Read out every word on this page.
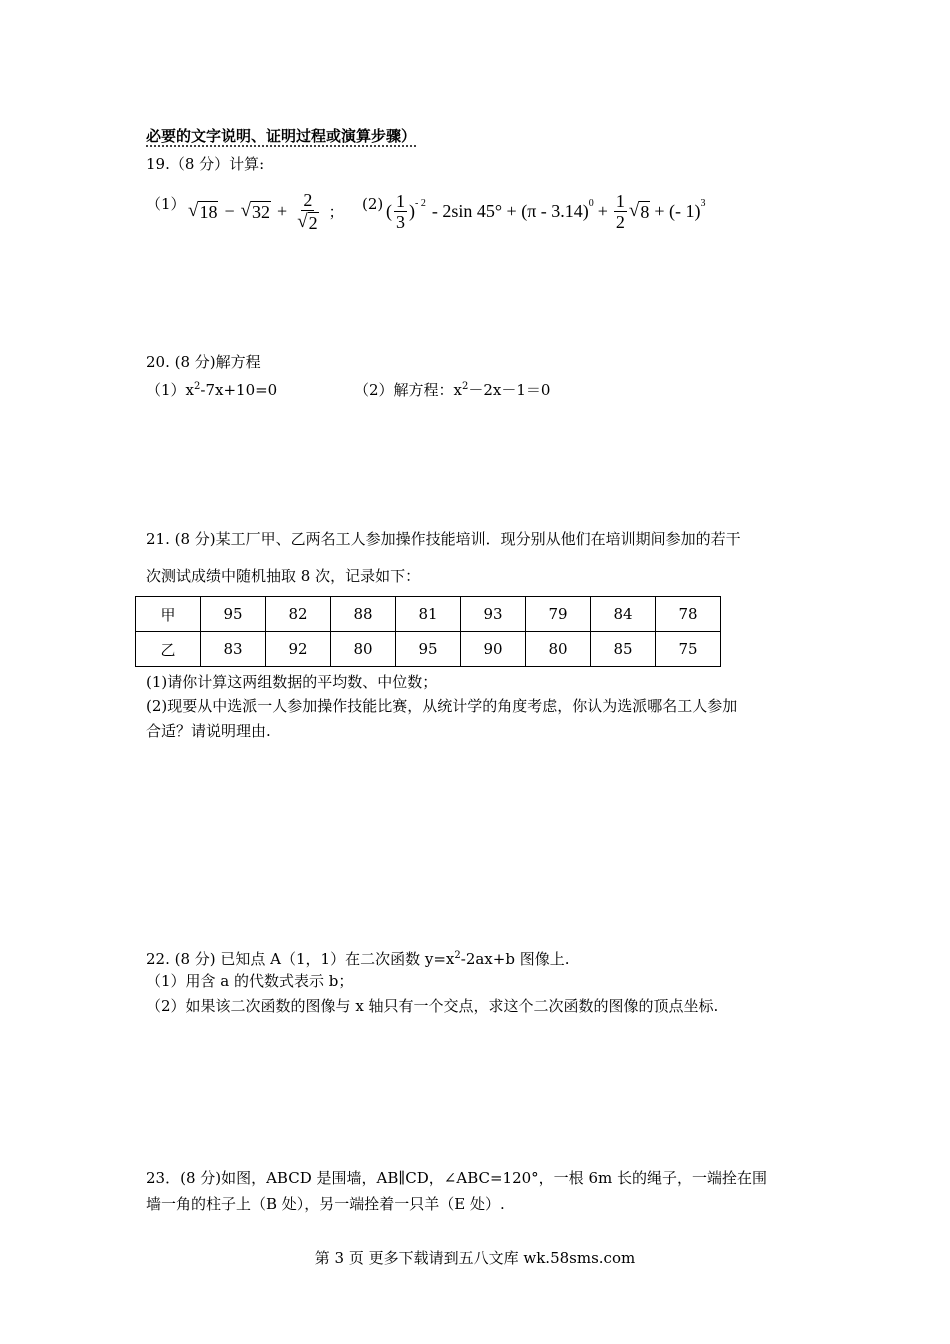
必要的文字说明、证明过程或演算步骤）
19.（8 分）计算:
（1） √ 18 − √ $32 + \frac{2}{√ 2}$ ； (2) ( $\frac{1}{3} )^{- 2} - 2\sin$ $45^\circ + (\pi - 3.14)^0 + \frac{1}{2}$ √ 8 + (- 1)$^3$
20. (8 分)解方程
$(1)x^2-7x+10=0$	（2）解方程：$x^2-2x-1=0$
21. (8 分)某工厂甲、乙两名工人参加操作技能培训．现分别从他们在培训期间参加的若干
次测试成绩中随机抽取 8 次，记录如下：
甲	95	82	88	81	93	79	84	78
乙	83	92	80	95	90	80	85	75
(1)请你计算这两组数据的平均数、中位数；
(2)现要从中选派一人参加操作技能比赛，从统计学的角度考虑，你认为选派哪名工人参加
合适？请说明理由.
22. (8 分) 已知点 A（1，1）在二次函数 $y=x^2-2ax+b$ 图像上.
（1）用含 a 的代数式表示 b；
（2）如果该二次函数的图像与 x 轴只有一个交点，求这个二次函数的图像的顶点坐标.
23．(8 分)如图，ABCD 是围墙，AB∥CD，∠ABC=120°，一根 6m 长的绳子，一端拴在围
墙一角的柱子上（B 处），另一端拴着一只羊（E 处）.
第 3 页 更多下载请到五八文库 wk.58sms.com
